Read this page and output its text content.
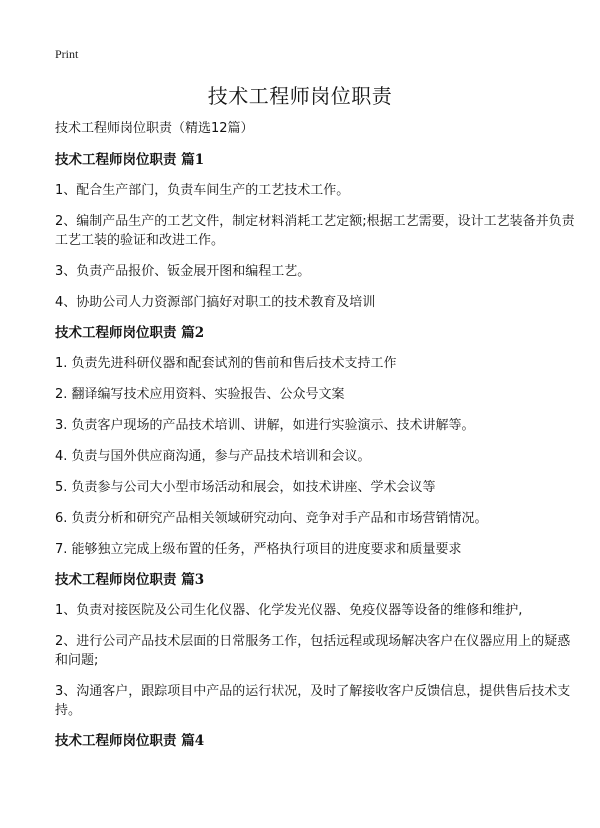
Print
技术工程师岗位职责
技术工程师岗位职责（精选12篇）
技术工程师岗位职责 篇1
1、配合生产部门，负责车间生产的工艺技术工作。
2、编制产品生产的工艺文件，制定材料消耗工艺定额;根据工艺需要，设计工艺装备并负责工艺工装的验证和改进工作。
3、负责产品报价、钣金展开图和编程工艺。
4、协助公司人力资源部门搞好对职工的技术教育及培训
技术工程师岗位职责 篇2
1. 负责先进科研仪器和配套试剂的售前和售后技术支持工作
2. 翻译编写技术应用资料、实验报告、公众号文案
3. 负责客户现场的产品技术培训、讲解，如进行实验演示、技术讲解等。
4. 负责与国外供应商沟通，参与产品技术培训和会议。
5. 负责参与公司大小型市场活动和展会，如技术讲座、学术会议等
6. 负责分析和研究产品相关领域研究动向、竞争对手产品和市场营销情况。
7. 能够独立完成上级布置的任务，严格执行项目的进度要求和质量要求
技术工程师岗位职责 篇3
1、负责对接医院及公司生化仪器、化学发光仪器、免疫仪器等设备的维修和维护,
2、进行公司产品技术层面的日常服务工作，包括远程或现场解决客户在仪器应用上的疑惑和问题;
3、沟通客户，跟踪项目中产品的运行状况，及时了解接收客户反馈信息，提供售后技术支持。
技术工程师岗位职责 篇4
